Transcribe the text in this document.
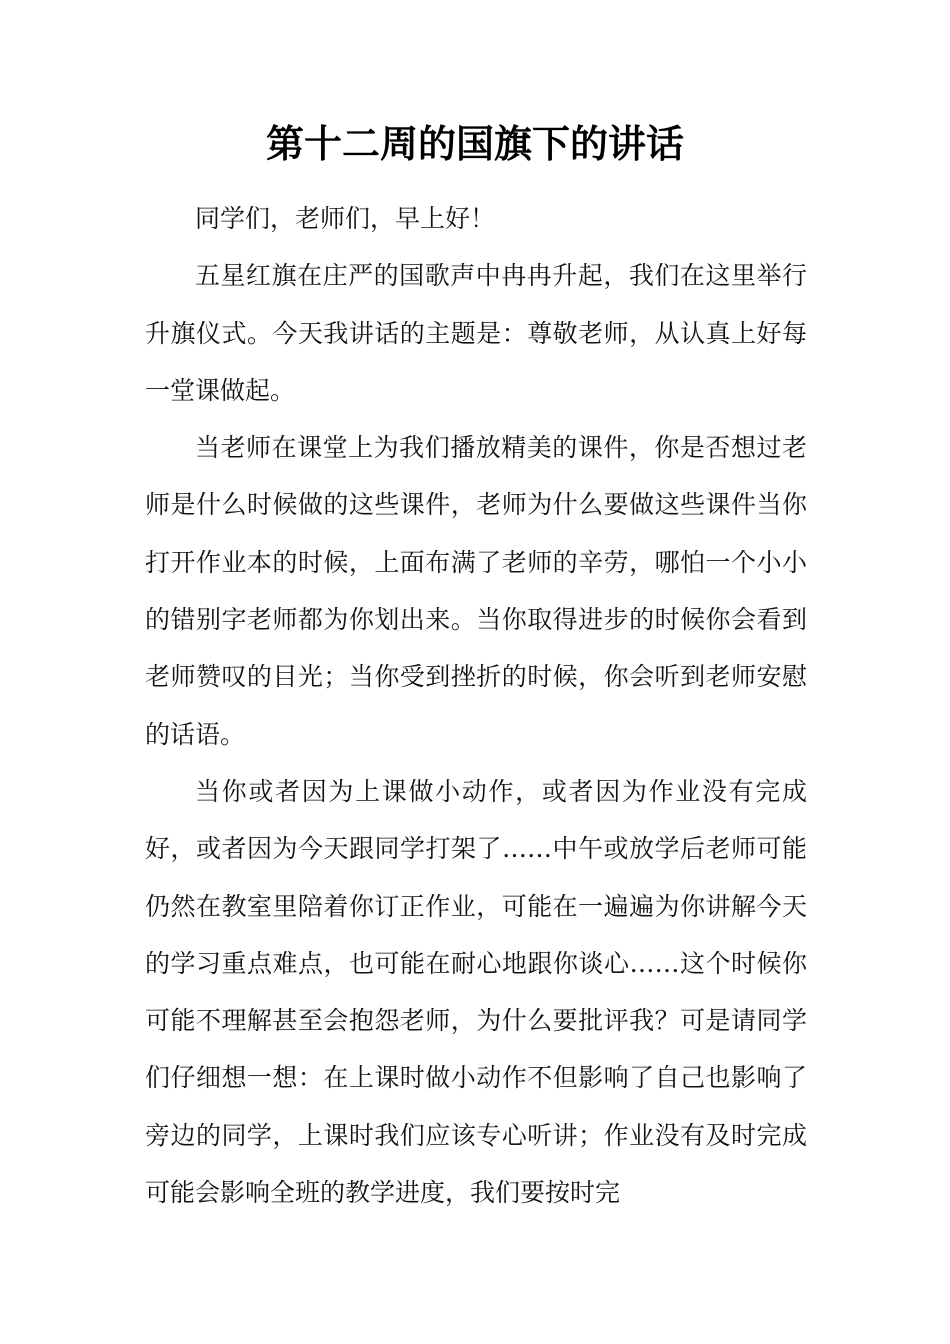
第十二周的国旗下的讲话

同学们，老师们，早上好！

五星红旗在庄严的国歌声中冉冉升起，我们在这里举行升旗仪式。今天我讲话的主题是：尊敬老师，从认真上好每一堂课做起。

当老师在课堂上为我们播放精美的课件，你是否想过老师是什么时候做的这些课件，老师为什么要做这些课件当你打开作业本的时候，上面布满了老师的辛劳，哪怕一个小小的错别字老师都为你划出来。当你取得进步的时候你会看到老师赞叹的目光；当你受到挫折的时候，你会听到老师安慰的话语。

当你或者因为上课做小动作，或者因为作业没有完成好，或者因为今天跟同学打架了……中午或放学后老师可能仍然在教室里陪着你订正作业，可能在一遍遍为你讲解今天的学习重点难点，也可能在耐心地跟你谈心……这个时候你可能不理解甚至会抱怨老师，为什么要批评我？可是请同学们仔细想一想：在上课时做小动作不但影响了自己也影响了旁边的同学，上课时我们应该专心听讲；作业没有及时完成可能会影响全班的教学进度，我们要按时完
